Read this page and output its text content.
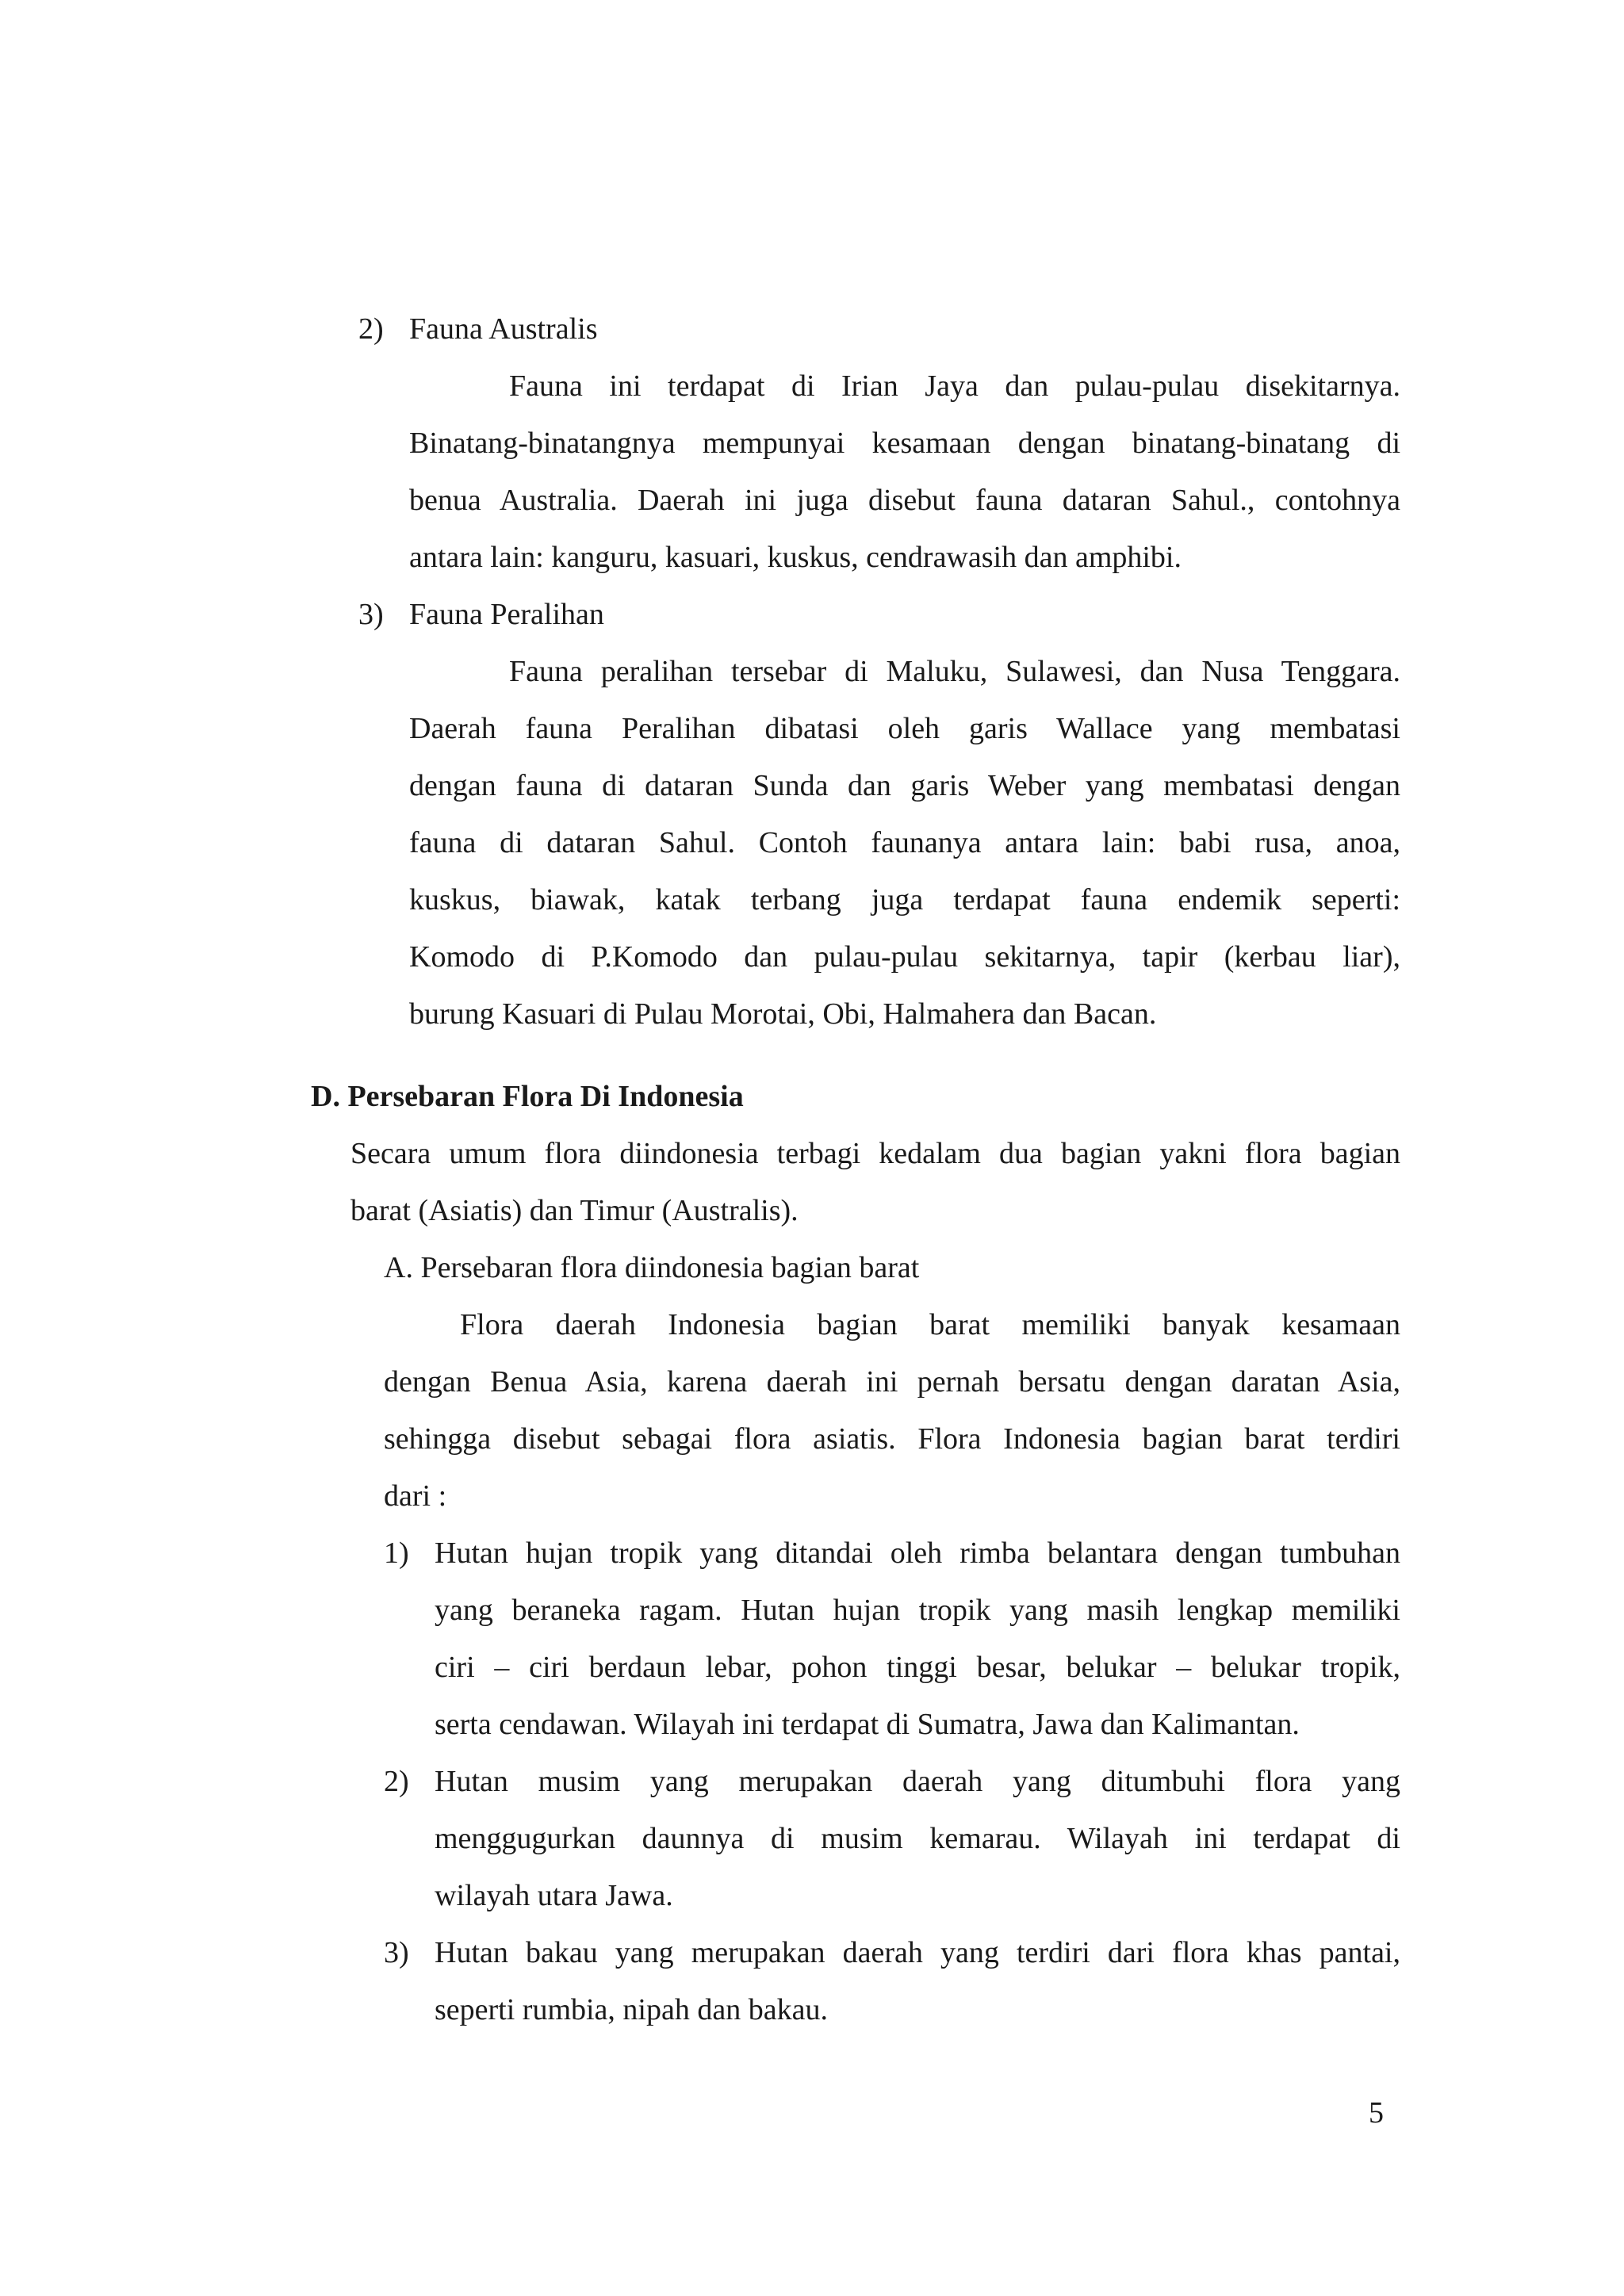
2) Fauna Australis
Fauna ini terdapat di Irian Jaya dan pulau-pulau disekitarnya.
Binatang-binatangnya mempunyai kesamaan dengan binatang-binatang di
benua Australia. Daerah ini juga disebut fauna dataran Sahul., contohnya
antara lain: kanguru, kasuari, kuskus, cendrawasih dan amphibi.
3) Fauna Peralihan
Fauna peralihan tersebar di Maluku, Sulawesi, dan Nusa Tenggara.
Daerah fauna Peralihan dibatasi oleh garis Wallace yang membatasi
dengan fauna di dataran Sunda dan garis Weber yang membatasi dengan
fauna di dataran Sahul. Contoh faunanya antara lain: babi rusa, anoa,
kuskus, biawak, katak terbang juga terdapat fauna endemik seperti:
Komodo di P.Komodo dan pulau-pulau sekitarnya, tapir (kerbau liar),
burung Kasuari di Pulau Morotai, Obi, Halmahera dan Bacan.
D. Persebaran Flora Di Indonesia
Secara umum flora diindonesia terbagi kedalam dua bagian yakni flora bagian
barat (Asiatis) dan Timur (Australis).
A. Persebaran flora diindonesia bagian barat
Flora daerah Indonesia bagian barat memiliki banyak kesamaan
dengan Benua Asia, karena daerah ini pernah bersatu dengan daratan Asia,
sehingga disebut sebagai flora asiatis. Flora Indonesia bagian barat terdiri
dari :
1) Hutan hujan tropik yang ditandai oleh rimba belantara dengan tumbuhan
yang beraneka ragam. Hutan hujan tropik yang masih lengkap memiliki
ciri – ciri berdaun lebar, pohon tinggi besar, belukar – belukar tropik,
serta cendawan. Wilayah ini terdapat di Sumatra, Jawa dan Kalimantan.
2) Hutan musim yang merupakan daerah yang ditumbuhi flora yang
menggugurkan daunnya di musim kemarau. Wilayah ini terdapat di
wilayah utara Jawa.
3) Hutan bakau yang merupakan daerah yang terdiri dari flora khas pantai,
seperti rumbia, nipah dan bakau.
5
